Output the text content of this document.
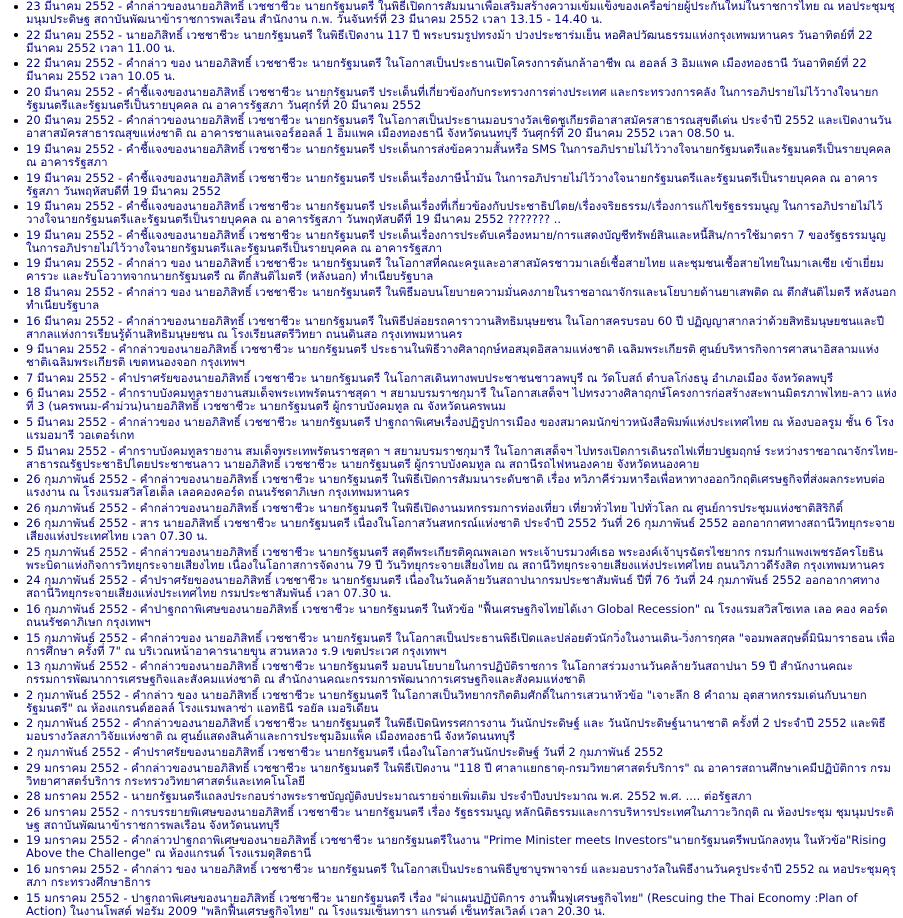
23 มีนาคม 2552 - คำกล่าวของนายอภิสิทธิ์ เวชชาชีวะ นายกรัฐมนตรี ในพิธีเปิดการสัมมนาเพื่อเสริมสร้างความเข้มแข็งของเครือข่ายผู้ประกันใหม่ในราชการไทย ณ หอประชุมชุมนุมประดิษฐ สถาบันพัฒนาข้าราชการพลเรือน สำนักงาน ก.พ. วันจันทร์ที่ 23 มีนาคม 2552 เวลา 13.15 - 14.40 น.
22 มีนาคม 2552 - นายอภิสิทธิ์ เวชชาชีวะ นายกรัฐมนตรี ในพิธีเปิดงาน 117 ปี พระบรมรูปทรงม้า ปวงประชาร่มเย็น หอศิลปวัฒนธรรมแห่งกรุงเทพมหานคร วันอาทิตย์ที่ 22 มีนาคม 2552 เวลา 11.00 น.
22 มีนาคม 2552 - คำกล่าว ของ นายอภิสิทธิ์ เวชชาชีวะ นายกรัฐมนตรี ในโอกาสเป็นประธานเปิดโครงการต้นกล้าอาชีพ ณ ฮอลล์ 3 อิมแพค เมืองทองธานี วันอาทิตย์ที่ 22 มีนาคม 2552 เวลา 10.05 น.
20 มีนาคม 2552 - คำชี้แจงของนายอภิสิทธิ์ เวชชาชีวะ นายกรัฐมนตรี ประเด็นที่เกี่ยวข้องกับกระทรวงการต่างประเทศ และกระทรวงการคลัง ในการอภิปรายไม่ไว้วางใจนายกรัฐมนตรีและรัฐมนตรีเป็นรายบุคคล ณ อาคารรัฐสภา วันศุกร์ที่ 20 มีนาคม 2552
20 มีนาคม 2552 - คำกล่าวของนายอภิสิทธิ์ เวชชาชีวะ นายกรัฐมนตรี ในโอกาสเป็นประธานมอบรางวัลเชิดชูเกียรติอาสาสมัครสาธารณสุขดีเด่น ประจำปี 2552 และเปิดงานวันอาสาสมัครสาธารณสุขแห่งชาติ ณ อาคารชาแลนเจอร์ฮอลล์ 1 อิมแพค เมืองทองธานี จังหวัดนนทบุรี วันศุกร์ที่ 20 มีนาคม 2552 เวลา 08.50 น.
19 มีนาคม 2552 - คำชี้แจงของนายอภิสิทธิ์ เวชชาชีวะ นายกรัฐมนตรี ประเด็นการส่งข้อความสั้นหรือ SMS ในการอภิปรายไม่ไว้วางใจนายกรัฐมนตรีและรัฐมนตรีเป็นรายบุคคล ณ อาคารรัฐสภา
19 มีนาคม 2552 - คำชี้แจงของนายอภิสิทธิ์ เวชชาชีวะ นายกรัฐมนตรี ประเด็นเรื่องภาษีน้ำมัน ในการอภิปรายไม่ไว้วางใจนายกรัฐมนตรีและรัฐมนตรีเป็นรายบุคคล ณ อาคารรัฐสภา วันพฤหัสบดีที่ 19 มีนาคม 2552
19 มีนาคม 2552 - คำชี้แจงของนายอภิสิทธิ์ เวชชาชีวะ นายกรัฐมนตรี ประเด็นเรื่องที่เกี่ยวข้องกับประชาธิปไตย/เรื่องจริยธรรม/เรื่องการแก้ไขรัฐธรรมนูญ ในการอภิปรายไม่ไว้วางใจนายกรัฐมนตรีและรัฐมนตรีเป็นรายบุคคล ณ อาคารรัฐสภา วันพฤหัสบดีที่ 19 มีนาคม 2552 ??????? ..
19 มีนาคม 2552 - คำชี้แจงของนายอภิสิทธิ์ เวชชาชีวะ นายกรัฐมนตรี ประเด็นเรื่องการประดับเครื่องหมาย/การแสดงบัญชีทรัพย์สินและหนี้สิน/การใช้มาตรา 7 ของรัฐธรรมนูญ ในการอภิปรายไม่ไว้วางใจนายกรัฐมนตรีและรัฐมนตรีเป็นรายบุคคล ณ อาคารรัฐสภา
19 มีนาคม 2552 - คำกล่าว ของ นายอภิสิทธิ์ เวชชาชีวะ นายกรัฐมนตรี ในโอกาสที่คณะครูและอาสาสมัครชาวมาเลย์เชื้อสายไทย และชุมชนเชื้อสายไทยในมาเลเซีย เข้าเยี่ยมคารวะ และรับโอวาทจากนายกรัฐมนตรี ณ ตึกสันติไมตรี (หลังนอก) ทำเนียบรัฐบาล
18 มีนาคม 2552 - คำกล่าว ของ นายอภิสิทธิ์ เวชชาชีวะ นายกรัฐมนตรี ในพิธีมอบนโยบายความมั่นคงภายในราชอาณาจักรและนโยบายด้านยาเสพติด ณ ตึกสันติไมตรี หลังนอก ทำเนียบรัฐบาล
16 มีนาคม 2552 - คำกล่าวของนายอภิสิทธิ์ เวชชาชีวะ นายกรัฐมนตรี ในพิธีปล่อยรถคาราวานสิทธิมนุษยชน ในโอกาสครบรอบ 60 ปี ปฏิญญาสากลว่าด้วยสิทธิมนุษยชนและปีสากลแห่งการเรียนรู้ด้านสิทธิมนุษยชน ณ โรงเรียนสตรีวิทยา ถนนดินสอ กรุงเทพมหานคร
9 มีนาคม 2552 - คำกล่าวของนายอภิสิทธิ์ เวชชาชีวะ นายกรัฐมนตรี ประธานในพิธีวางศิลาฤกษ์หอสมุดอิสลามแห่งชาติ เฉลิมพระเกียรติ ศูนย์บริหารกิจการศาสนาอิสลามแห่งชาติเฉลิมพระเกียรติ เขตหนองจอก กรุงเทพฯ
7 มีนาคม 2552 - คำปราศรัยของนายอภิสิทธิ์ เวชชาชีวะ นายกรัฐมนตรี ในโอกาสเดินทางพบประชาชนชาวลพบุรี ณ วัดโบสถ์ ตำบลโก่งธนู อำเภอเมือง จังหวัดลพบุรี
6 มีนาคม 2552 - คำกราบบังคมทูลรายงานสมเด็จพระเทพรัตนราชสุดา ฯ สยามบรมราชกุมารี ในโอกาสเสด็จฯ ไปทรงวางศิลาฤกษ์โครงการก่อสร้างสะพานมิตรภาพไทย-ลาว แห่งที่ 3 (นครพนม-คำม่วน)นายอภิสิทธิ์ เวชชาชีวะ นายกรัฐมนตรี ผู้กราบบังคมทูล ณ จังหวัดนครพนม
5 มีนาคม 2552 - คำกล่าวของ นายอภิสิทธิ์ เวชชาชีวะ นายกรัฐมนตรี ปาฐกถาพิเศษเรื่องปฏิรูปการเมือง ของสมาคมนักข่าวหนังสือพิมพ์แห่งประเทศไทย ณ ห้องบอลรูม ชั้น 6 โรงแรมอมารี วอเตอร์เกท
5 มีนาคม 2552 - คำกราบบังคมทูลรายงาน สมเด็จพระเทพรัตนราชสุดา ฯ สยามบรมราชกุมารี ในโอกาสเสด็จฯ ไปทรงเปิดการเดินรถไฟเที่ยวปฐมฤกษ์ ระหว่างราชอาณาจักรไทย-สาธารณรัฐประชาธิปไตยประชาชนลาว นายอภิสิทธิ์ เวชชาชีวะ นายกรัฐมนตรี ผู้กราบบังคมทูล ณ สถานีรถไฟหนองคาย จังหวัดหนองคาย
26 กุมภาพันธ์ 2552 - คำกล่าวของนายอภิสิทธิ์ เวชชาชีวะ นายกรัฐมนตรี ในพิธีเปิดการสัมมนาระดับชาติ เรื่อง ทวิภาคีร่วมหารือเพื่อหาทางออกวิกฤติเศรษฐกิจที่ส่งผลกระทบต่อแรงงาน ณ โรงแรมสวิสโฮเต็ล เลอคองคอร์ด ถนนรัชดาภิเษก กรุงเทพมหานคร
26 กุมภาพันธ์ 2552 - คำกล่าวของนายอภิสิทธิ์ เวชชาชีวะ นายกรัฐมนตรี ในพิธีเปิดงานมหกรรมการท่องเที่ยว เที่ยวทั่วไทย ไปทั่วโลก ณ ศูนย์การประชุมแห่งชาติสิริกิติ์
26 กุมภาพันธ์ 2552 - สาร นายอภิสิทธิ์ เวชชาชีวะ นายกรัฐมนตรี เนื่องในโอกาสวันสหกรณ์แห่งชาติ ประจำปี 2552 วันที่ 26 กุมภาพันธ์ 2552 ออกอากาศทางสถานีวิทยุกระจายเสียงแห่งประเทศไทย เวลา 07.30 น.
25 กุมภาพันธ์ 2552 - คำกล่าวของนายอภิสิทธิ์ เวชชาชีวะ นายกรัฐมนตรี สดุดีพระเกียรติคุณพลเอก พระเจ้าบรมวงศ์เธอ พระองค์เจ้าบุรฉัตรไชยากร กรมกำแพงเพชรอัครโยธิน พระบิดาแห่งกิจการวิทยุกระจายเสียงไทย เนื่องในโอกาสการจัดงาน 79 ปี วันวิทยุกระจายเสียงไทย ณ สถานีวิทยุกระจายเสียงแห่งประเทศไทย ถนนวิภาวดีรังสิต กรุงเทพมหานคร
24 กุมภาพันธ์ 2552 - คำปราศรัยของนายอภิสิทธิ์ เวชชาชีวะ นายกรัฐมนตรี เนื่องในวันคล้ายวันสถาปนากรมประชาสัมพันธ์ ปีที่ 76 วันที่ 24 กุมภาพันธ์ 2552 ออกอากาศทางสถานีวิทยุกระจายเสียงแห่งประเทศไทย กรมประชาสัมพันธ์ เวลา 07.30 น.
16 กุมภาพันธ์ 2552 - คำปาฐกถาพิเศษของนายอภิสิทธิ์ เวชชาชีวะ นายกรัฐมนตรี ในหัวข้อ "ฟื้นเศรษฐกิจไทยได้เงา Global Recession" ณ โรงแรมสวิสโซเทล เลอ คอง คอร์ด ถนนรัชดาภิเษก กรุงเทพฯ
15 กุมภาพันธ์ 2552 - คำกล่าวของ นายอภิสิทธิ์ เวชชาชีวะ นายกรัฐมนตรี ในโอกาสเป็นประธานพิธีเปิดและปล่อยตัวนักวิ่งในงานเดิน-วิ่งการกุศล "จอมพลสฤษดิ์มินิมาราธอน เพื่อการศึกษา ครั้งที่ 7" ณ บริเวณหน้าอาคารนายขุน สวนหลวง ร.9 เขตประเวศ กรุงเทพฯ
13 กุมภาพันธ์ 2552 - คำกล่าวของนายอภิสิทธิ์ เวชชาชีวะ นายกรัฐมนตรี มอบนโยบายในการปฏิบัติราชการ ในโอกาสร่วมงานวันคล้ายวันสถาปนา 59 ปี สำนักงานคณะกรรมการพัฒนาการเศรษฐกิจและสังคมแห่งชาติ ณ สำนักงานคณะกรรมการพัฒนาการเศรษฐกิจและสังคมแห่งชาติ
2 กุมภาพันธ์ 2552 - คำกล่าว ของ นายอภิสิทธิ์ เวชชาชีวะ นายกรัฐมนตรี ในโอกาสเป็นวิทยากรกิตติมศักดิ์ในการเสวนาหัวข้อ "เจาะลึก 8 คำถาม อุตสาหกรรมเด่นกับนายกรัฐมนตรี" ณ ห้องแกรนด์ฮอลล์ โรงแรมพลาซ่า แอทธินี รอยัล เมอริเดียน
2 กุมภาพันธ์ 2552 - คำกล่าวของนายอภิสิทธิ์ เวชชาชีวะ นายกรัฐมนตรี ในพิธีเปิดนิทรรศการงาน วันนักประดิษฐ์ และ วันนักประดิษฐ์นานาชาติ ครั้งที่ 2 ประจำปี 2552 และพิธีมอบรางวัลสภาวิจัยแห่งชาติ ณ ศูนย์แสดงสินค้าและการประชุมอิมแพ็ค เมืองทองธานี จังหวัดนนทบุรี
2 กุมภาพันธ์ 2552 - คำปราศรัยของนายอภิสิทธิ์ เวชชาชีวะ นายกรัฐมนตรี เนื่องในโอกาสวันนักประดิษฐ์ วันที่ 2 กุมภาพันธ์ 2552
29 มกราคม 2552 - คำกล่าวของนายอภิสิทธิ์ เวชชาชีวะ นายกรัฐมนตรี ในพิธีเปิดงาน "118 ปี ศาลาแยกธาตุ-กรมวิทยาศาสตร์บริการ" ณ อาคารสถานศึกษาเคมีปฏิบัติการ กรมวิทยาศาสตร์บริการ กระทรวงวิทยาศาสตร์และเทคโนโลยี
28 มกราคม 2552 - นายกรัฐมนตรีแถลงประกอบร่างพระราชบัญญัติงบประมาณรายจ่ายเพิ่มเติม ประจำปีงบประมาณ พ.ศ. 2552 พ.ศ. .... ต่อรัฐสภา
26 มกราคม 2552 - การบรรยายพิเศษของนายอภิสิทธิ์ เวชชาชีวะ นายกรัฐมนตรี เรื่อง รัฐธรรมนูญ หลักนิติธรรมและการบริหารประเทศในภาวะวิกฤติ ณ ห้องประชุม ชุมนุมประดิษฐ สถาบันพัฒนาข้าราชการพลเรือน จังหวัดนนทบุรี
19 มกราคม 2552 - คำกล่าวปาฐกถาพิเศษของนายอภิสิทธิ์ เวชชาชีวะ นายกรัฐมนตรีในงาน "Prime Minister meets Investors"นายกรัฐมนตรีพบนักลงทุน ในหัวข้อ"Rising Above the Challenge" ณ ห้องแกรนด์ โรงแรมดุสิตธานี
16 มกราคม 2552 - คำกล่าว ของ นายอภิสิทธิ์ เวชชาชีวะ นายกรัฐมนตรี ในโอกาสเป็นประธานพิธีบูชาบูรพาจารย์ และมอบรางวัลในพิธีงานวันครูประจำปี 2552 ณ หอประชุมคุรุสภา กระทรวงศึกษาธิการ
15 มกราคม 2552 - ปาฐกถาพิเศษของนายอภิสิทธิ์ เวชชาชีวะ นายกรัฐมนตรี เรื่อง "ผ่าแผนปฏิบัติการ งานฟื้นฟูเศรษฐกิจไทย" (Rescuing the Thai Economy :Plan of Action) ในงานโพสต์ ฟอรัม 2009 "พลิกฟื้นเศรษฐกิจไทย" ณ โรงแรมเซ็นทารา แกรนด์ เซ็นทรัลเวิลด์ เวลา 20.30 น.
